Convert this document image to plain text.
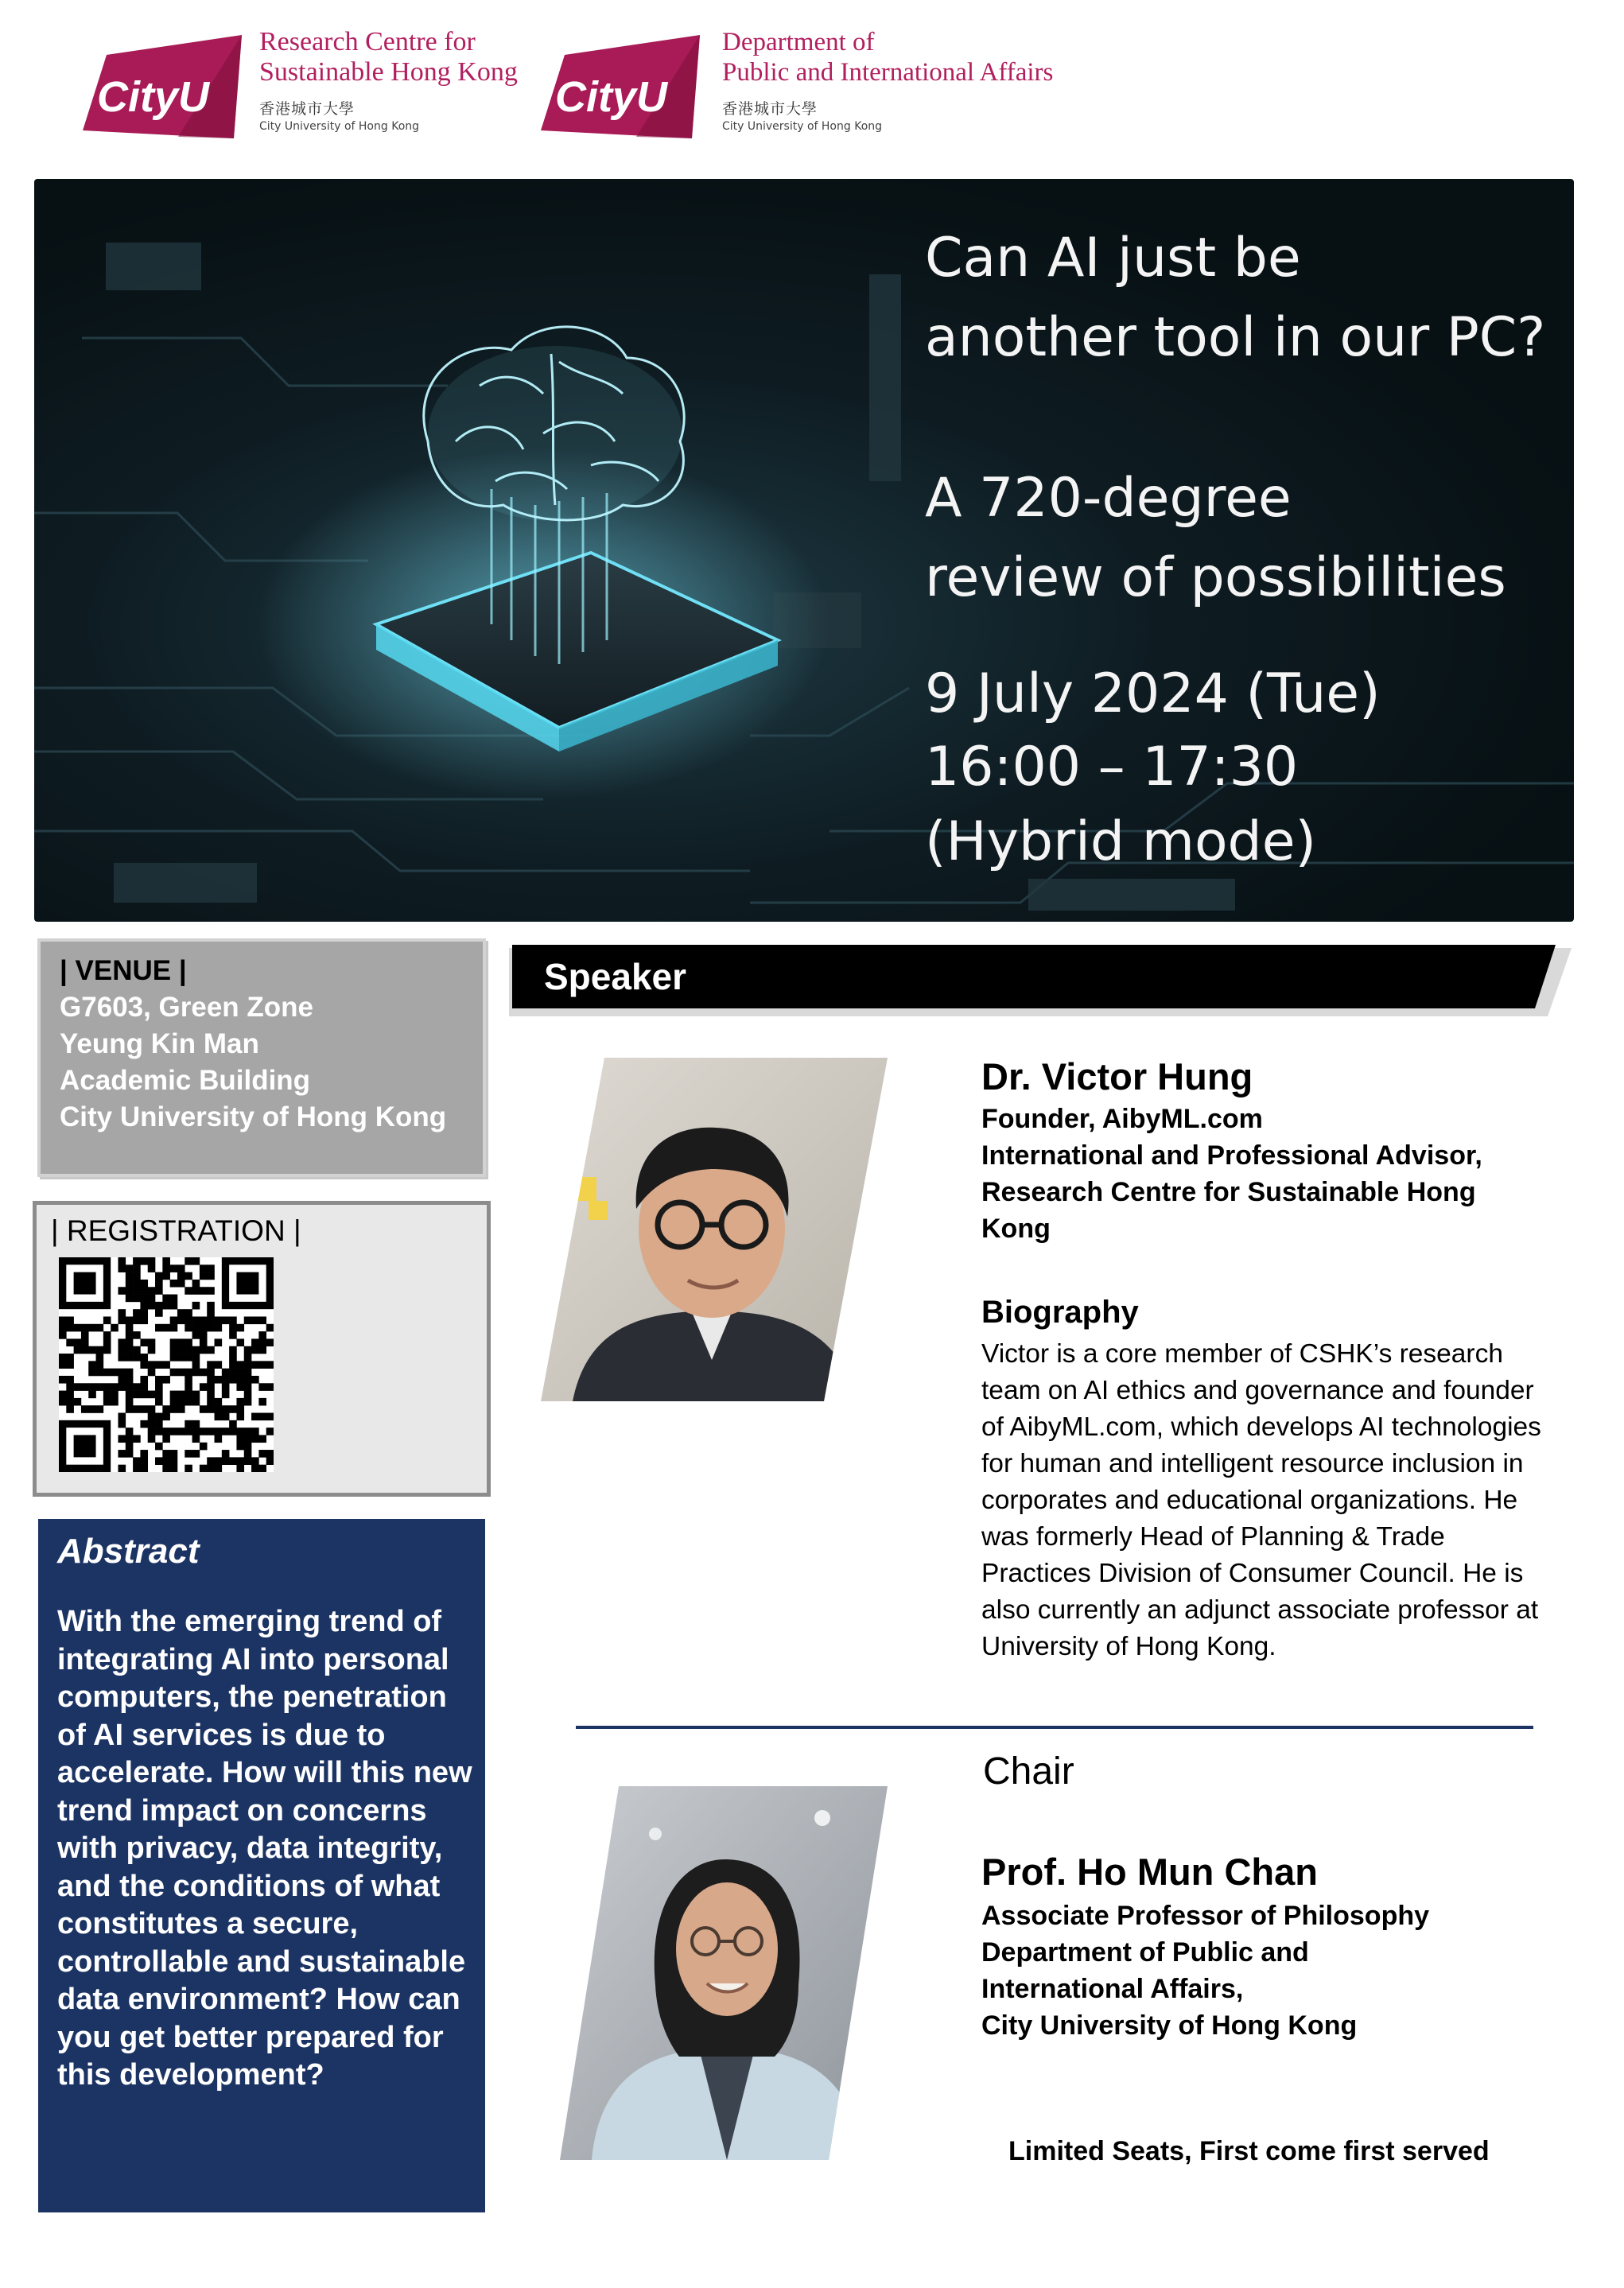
CityU
Research Centre for
Sustainable Hong Kong
香港城市大學
City University of Hong Kong
CityU
Department of
Public and International Affairs
香港城市大學
City University of Hong Kong
Can AI just be
another tool in our PC?
A 720-degree
review of possibilities
9 July 2024 (Tue)
16:00 – 17:30
(Hybrid mode)
| VENUE |
G7603, Green Zone
Yeung Kin Man
Academic Building
City University of Hong Kong
| REGISTRATION |
Abstract
With the emerging trend of integrating AI into personal computers, the penetration of AI services is due to accelerate. How will this new trend impact on concerns with privacy, data integrity, and the conditions of what constitutes a secure, controllable and sustainable data environment? How can you get better prepared for this development?
Speaker
Dr. Victor Hung
Founder, AibyML.com
International and Professional Advisor,
Research Centre for Sustainable Hong
Kong
Biography
Victor is a core member of CSHK’s research team on AI ethics and governance and founder of AibyML.com, which develops AI technologies for human and intelligent resource inclusion in corporates and educational organizations. He was formerly Head of Planning & Trade Practices Division of Consumer Council. He is also currently an adjunct associate professor at University of Hong Kong.
Chair
Prof. Ho Mun Chan
Associate Professor of Philosophy
Department of Public and
International Affairs,
City University of Hong Kong
Limited Seats, First come first served
